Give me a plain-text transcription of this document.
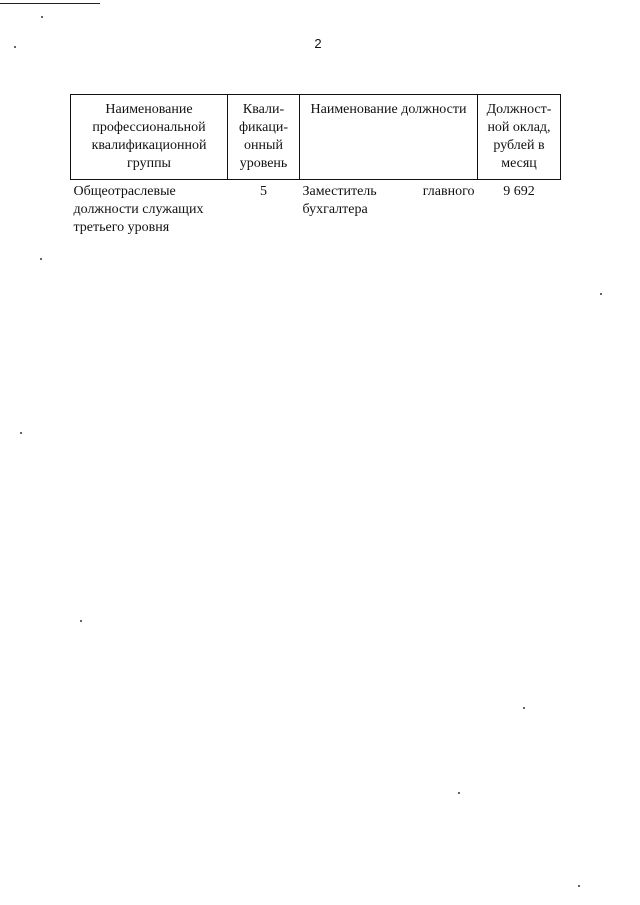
2
Наименование профессиональной квалификационной группы	Квали-фикаци-онный уровень	Наименование должности	Должност-ной оклад, рублей в месяц
Общеотраслевые должности служащих третьего уровня	5	Заместитель главного бухгалтера	9 692
